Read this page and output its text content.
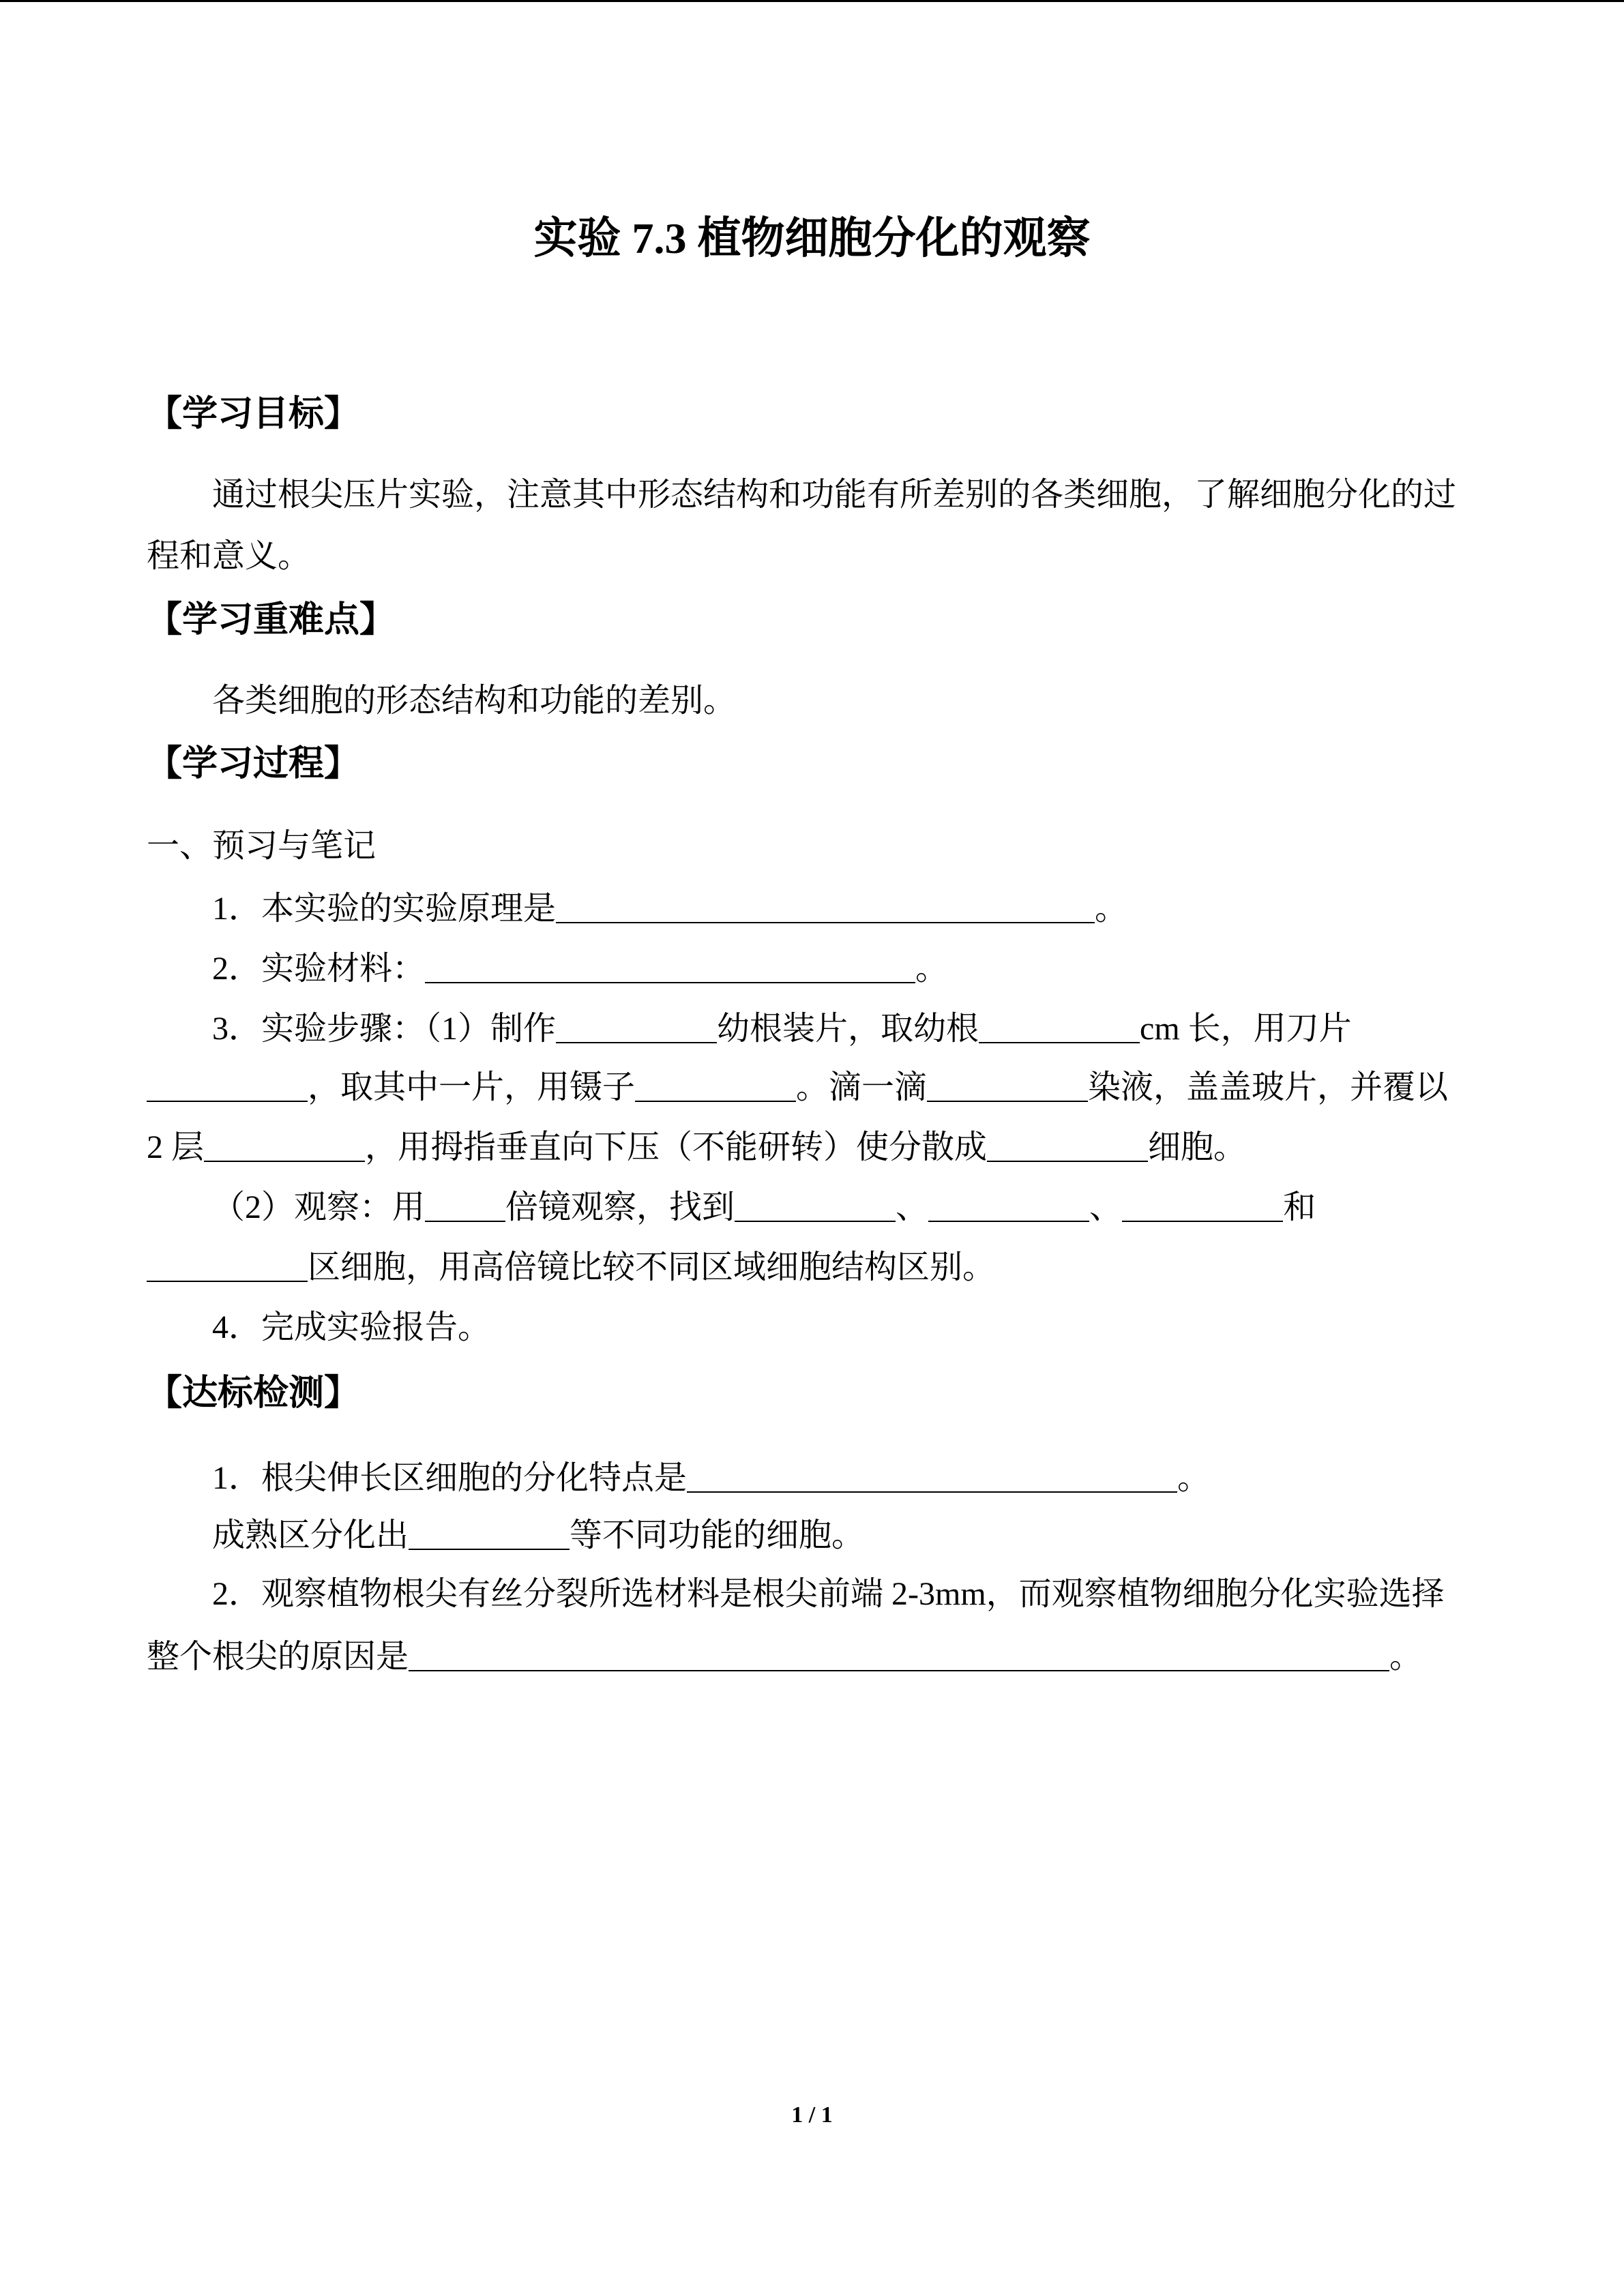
实验 7.3 植物细胞分化的观察
【学习目标】
通过根尖压片实验，注意其中形态结构和功能有所差别的各类细胞，了解细胞分化的过
程和意义。
【学习重难点】
各类细胞的形态结构和功能的差别。
【学习过程】
一、预习与笔记
1．本实验的实验原理是	。
2．实验材料：	。
3．实验步骤：（1）制作	幼根装片，取幼根	cm 长，用刀片
，取其中一片，用镊子	。滴一滴	染液，盖盖玻片，并覆以
2 层	，用拇指垂直向下压（不能研转）使分散成	细胞。
（2）观察：用 倍镜观察，找到	、	、	和
区细胞，用高倍镜比较不同区域细胞结构区别。
4．完成实验报告。
【达标检测】
1．根尖伸长区细胞的分化特点是	。
成熟区分化出	等不同功能的细胞。
2．观察植物根尖有丝分裂所选材料是根尖前端 2-3mm，而观察植物细胞分化实验选择
整个根尖的原因是	。
1 / 1
